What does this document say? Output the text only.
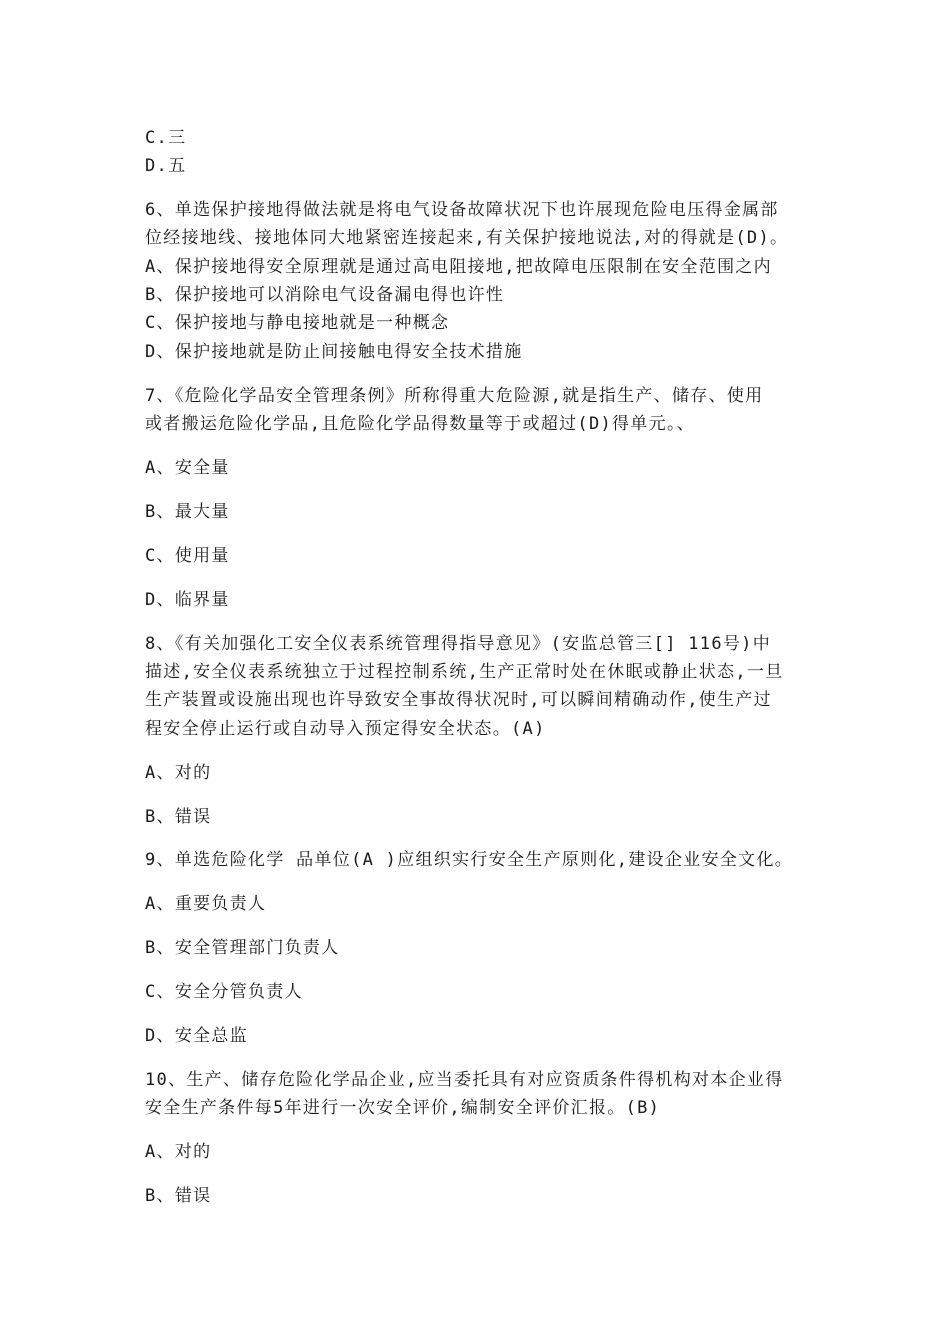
C.三
D.五
6、单选保护接地得做法就是将电气设备故障状况下也许展现危险电压得金属部
位经接地线、接地体同大地紧密连接起来,有关保护接地说法,对的得就是(D)。
A、保护接地得安全原理就是通过高电阻接地,把故障电压限制在安全范围之内
B、保护接地可以消除电气设备漏电得也许性
C、保护接地与静电接地就是一种概念
D、保护接地就是防止间接触电得安全技术措施
7、《危险化学品安全管理条例》所称得重大危险源,就是指生产、储存、使用
或者搬运危险化学品,且危险化学品得数量等于或超过(D)得单元。、
A、安全量
B、最大量
C、使用量
D、临界量
8、《有关加强化工安全仪表系统管理得指导意见》(安监总管三[] 116号)中
描述,安全仪表系统独立于过程控制系统,生产正常时处在休眠或静止状态,一旦
生产装置或设施出现也许导致安全事故得状况时,可以瞬间精确动作,使生产过
程安全停止运行或自动导入预定得安全状态。(A)
A、对的
B、错误
9、单选危险化学 品单位(A )应组织实行安全生产原则化,建设企业安全文化。
A、重要负责人
B、安全管理部门负责人
C、安全分管负责人
D、安全总监
10、生产、储存危险化学品企业,应当委托具有对应资质条件得机构对本企业得
安全生产条件每5年进行一次安全评价,编制安全评价汇报。(B)
A、对的
B、错误
